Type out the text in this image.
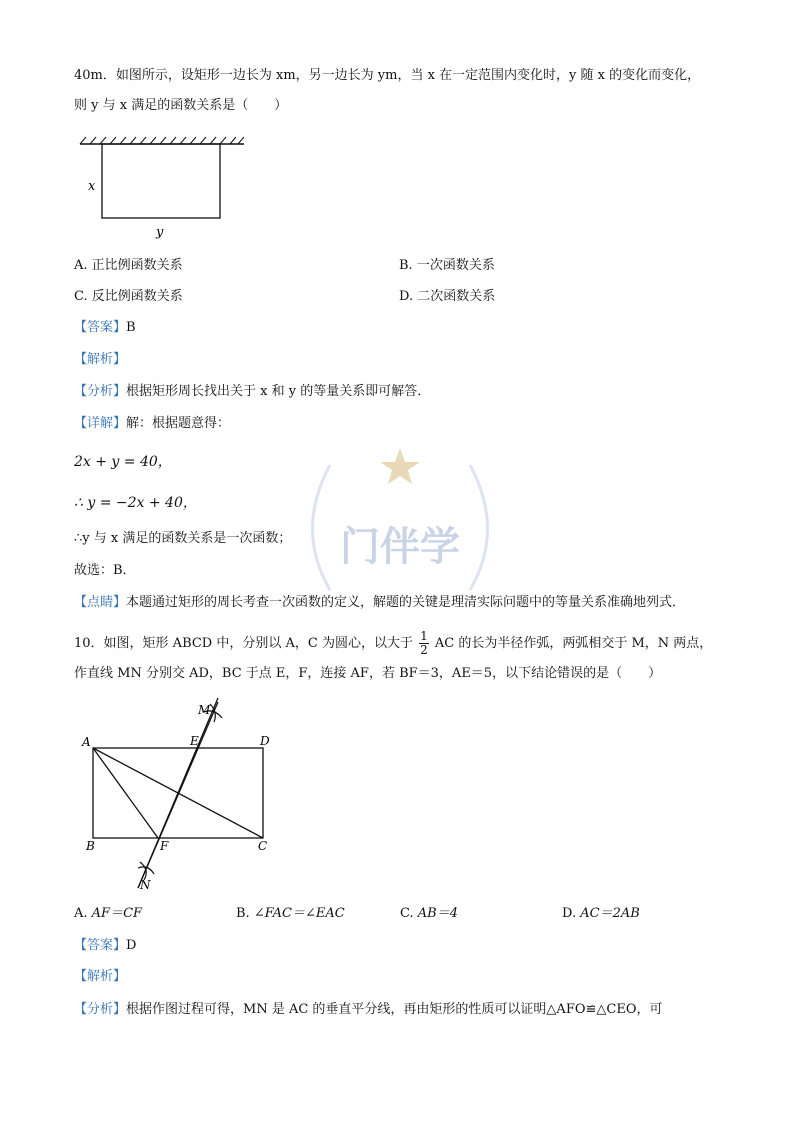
40m．如图所示，设矩形一边长为 xm，另一边长为 ym，当 x 在一定范围内变化时，y 随 x 的变化而变化，
则 y 与 x 满足的函数关系是（　　）
x
y
A. 正比例函数关系	B. 一次函数关系
C. 反比例函数关系	D. 二次函数关系
【答案】B
【解析】
【分析】根据矩形周长找出关于 x 和 y 的等量关系即可解答．
【详解】解：根据题意得：
2x + y = 40，
∴ y = −2x + 40，
∴y 与 x 满足的函数关系是一次函数；
故选：B．
【点睛】本题通过矩形的周长考查一次函数的定义，解题的关键是理清实际问题中的等量关系准确地列式．
门伴学
10．如图，矩形 ABCD 中，分别以 A，C 为圆心，以大于 $\frac{1}{2}$ AC 的长为半径作弧，两弧相交于 M，N 两点，
作直线 MN 分别交 AD，BC 于点 E，F，连接 AF，若 BF＝3，AE＝5，以下结论错误的是（　　）
M
E	D
A
B	F	C
N
A. AF＝CF	B. ∠FAC＝∠EAC	C. AB＝4	D. AC＝2AB
【答案】D
【解析】
【分析】根据作图过程可得，MN 是 AC 的垂直平分线，再由矩形的性质可以证明△AFO≌△CEO，可
